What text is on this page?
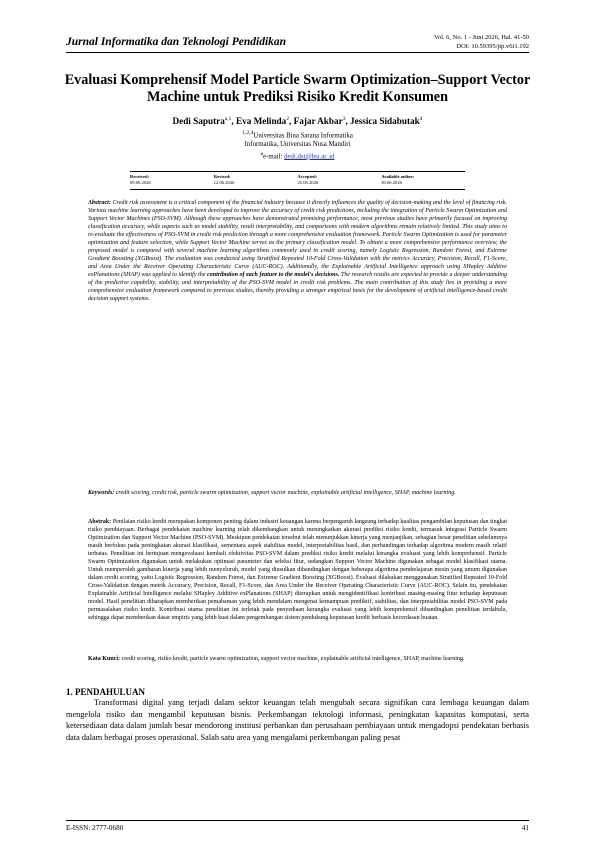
Jurnal Informatika dan Teknologi Pendidikan	Vol. 6, No. 1 - Juni 2026, Hal. 41-50
DOI: 10.59395/jtp.v6i1.192
Evaluasi Komprehensif Model Particle Swarm Optimization–Support Vector Machine untuk Prediksi Risiko Kredit Konsumen
Dedi Saputra$^{a,1}$, Eva Melinda$^2$, Fajar Akbar$^3$, Jessica Sidabutak$^4$
$^{1,2,4}$Universitas Bina Sarana Informatika
Informatika, Universitas Nusa Mandiri
$^a$e-mail: dedi.dst@bsi.ac.id
Received:
09.06.2026
Revised:
12.06.2026
Accepted:
25.06.2026
Available online:
30.06.2026
Abstract: Credit risk assessment is a critical component of the financial industry because it directly influences the quality of decision-making and the level of financing risk. Various machine learning approaches have been developed to improve the accuracy of credit risk predictions, including the integration of Particle Swarm Optimization and Support Vector Machines (PSO-SVM). Although these approaches have demonstrated promising performance, most previous studies have primarily focused on improving classification accuracy, while aspects such as model stability, result interpretability, and comparisons with modern algorithms remain relatively limited. This study aims to re-evaluate the effectiveness of PSO-SVM in credit risk prediction through a more comprehensive evaluation framework. Particle Swarm Optimization is used for parameter optimization and feature selection, while Support Vector Machine serves as the primary classification model. To obtain a more comprehensive performance overview, the proposed model is compared with several machine learning algorithms commonly used in credit scoring, namely Logistic Regression, Random Forest, and Extreme Gradient Boosting (XGBoost). The evaluation was conducted using Stratified Repeated 10-Fold Cross-Validation with the metrics Accuracy, Precision, Recall, F1-Score, and Area Under the Receiver Operating Characteristic Curve (AUC-ROC). Additionally, the Explainable Artificial Intelligence approach using SHapley Additive exPlanations (SHAP) was applied to identify the contribution of each feature to the model's decisions. The research results are expected to provide a deeper understanding of the predictive capability, stability, and interpretability of the PSO-SVM model in credit risk problems. The main contribution of this study lies in providing a more comprehensive evaluation framework compared to previous studies, thereby providing a stronger empirical basis for the development of artificial intelligence-based credit decision support systems.
Keywords: credit scoring, credit risk, particle swarm optimization, support vector machine, explainable artificial intelligence, SHAP, machine learning.
Abstrak: Penilaian risiko kredit merupakan komponen penting dalam industri keuangan karena berpengaruh langsung terhadap kualitas pengambilan keputusan dan tingkat risiko pembiayaan. Berbagai pendekatan machine learning telah dikembangkan untuk meningkatkan akurasi prediksi risiko kredit, termasuk integrasi Particle Swarm Optimization dan Support Vector Machine (PSO-SVM). Meskipun pendekatan tersebut telah menunjukkan kinerja yang menjanjikan, sebagian besar penelitian sebelumnya masih berfokus pada peningkatan akurasi klasifikasi, sementara aspek stabilitas model, interpretabilitas hasil, dan perbandingan terhadap algoritma modern masih relatif terbatas. Penelitian ini bertujuan mengevaluasi kembali efektivitas PSO-SVM dalam prediksi risiko kredit melalui kerangka evaluasi yang lebih komprehensif. Particle Swarm Optimization digunakan untuk melakukan optimasi parameter dan seleksi fitur, sedangkan Support Vector Machine digunakan sebagai model klasifikasi utama. Untuk memperoleh gambaran kinerja yang lebih menyeluruh, model yang diusulkan dibandingkan dengan beberapa algoritma pembelajaran mesin yang umum digunakan dalam credit scoring, yaitu Logistic Regression, Random Forest, dan Extreme Gradient Boosting (XGBoost). Evaluasi dilakukan menggunakan Stratified Repeated 10-Fold Cross-Validation dengan metrik Accuracy, Precision, Recall, F1-Score, dan Area Under the Receiver Operating Characteristic Curve (AUC-ROC). Selain itu, pendekatan Explainable Artificial Intelligence melalui SHapley Additive exPlanations (SHAP) diterapkan untuk mengidentifikasi kontribusi masing-masing fitur terhadap keputusan model. Hasil penelitian diharapkan memberikan pemahaman yang lebih mendalam mengenai kemampuan prediktif, stabilitas, dan interpretabilitas model PSO-SVM pada permasalahan risiko kredit. Kontribusi utama penelitian ini terletak pada penyediaan kerangka evaluasi yang lebih komprehensif dibandingkan penelitian terdahulu, sehingga dapat memberikan dasar empiris yang lebih kuat dalam pengembangan sistem pendukung keputusan kredit berbasis kecerdasan buatan.
Kata Kunci: credit scoring, risiko kredit, particle swarm optimization, support vector machine, explainable artificial intelligence, SHAP, machine learning.
1. PENDAHULUAN
Transformasi digital yang terjadi dalam sektor keuangan telah mengubah secara signifikan cara lembaga keuangan dalam mengelola risiko dan mengambil keputusan bisnis. Perkembangan teknologi informasi, peningkatan kapasitas komputasi, serta ketersediaan data dalam jumlah besar mendorong institusi perbankan dan perusahaan pembiayaan untuk mengadopsi pendekatan berbasis data dalam berbagai proses operasional. Salah satu area yang mengalami perkembangan paling pesat
E-ISSN: 2777-0680	41
